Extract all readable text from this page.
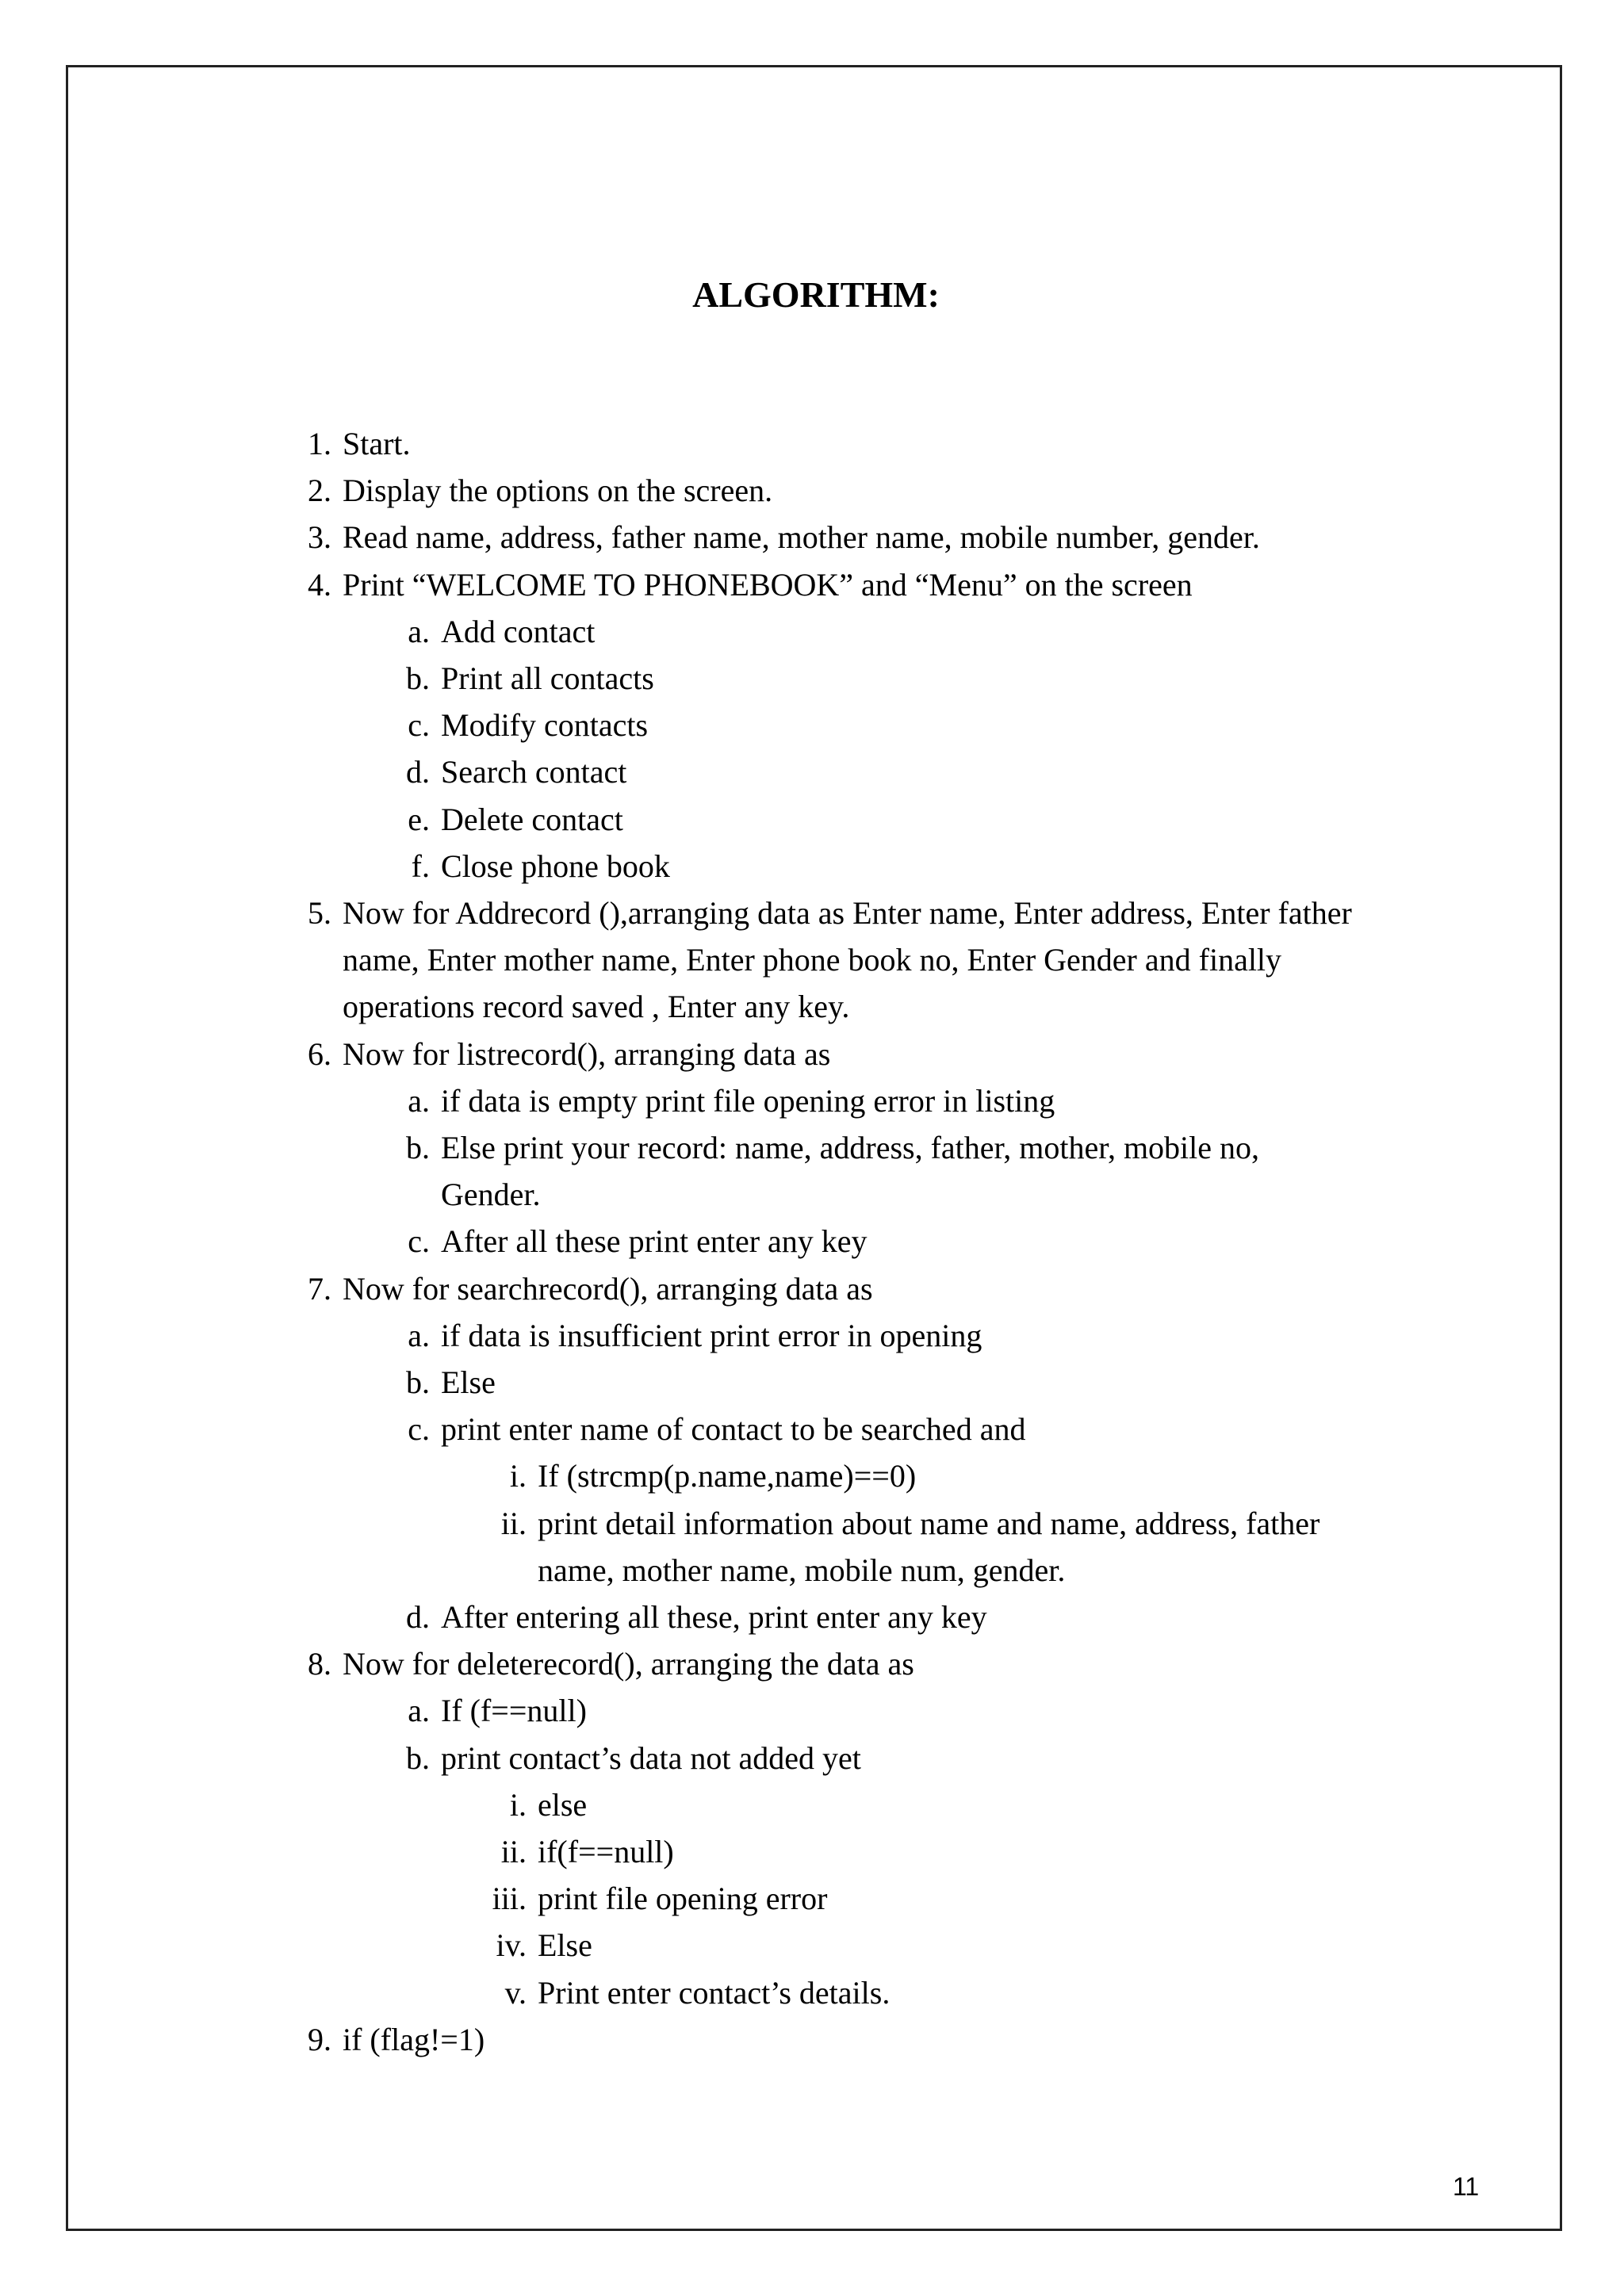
ALGORITHM:
1. Start.
2. Display the options on the screen.
3. Read name, address, father name, mother name, mobile number, gender.
4. Print “WELCOME TO PHONEBOOK” and “Menu” on the screen
a. Add contact
b. Print all contacts
c. Modify contacts
d. Search contact
e. Delete contact
f. Close phone book
5. Now for Addrecord (),arranging data as Enter name, Enter address, Enter father
name, Enter mother name, Enter phone book no, Enter Gender and finally
operations record saved , Enter any key.
6. Now for listrecord(), arranging data as
a. if data is empty print file opening error in listing
b. Else print your record: name, address, father, mother, mobile no,
Gender.
c. After all these print enter any key
7. Now for searchrecord(), arranging data as
a. if data is insufficient print error in opening
b. Else
c. print enter name of contact to be searched and
i. If (strcmp(p.name,name)==0)
ii. print detail information about name and name, address, father
name, mother name, mobile num, gender.
d. After entering all these, print enter any key
8. Now for deleterecord(), arranging the data as
a. If (f==null)
b. print contact’s data not added yet
i. else
ii. if(f==null)
iii. print file opening error
iv. Else
v. Print enter contact’s details.
9. if (flag!=1)
11
